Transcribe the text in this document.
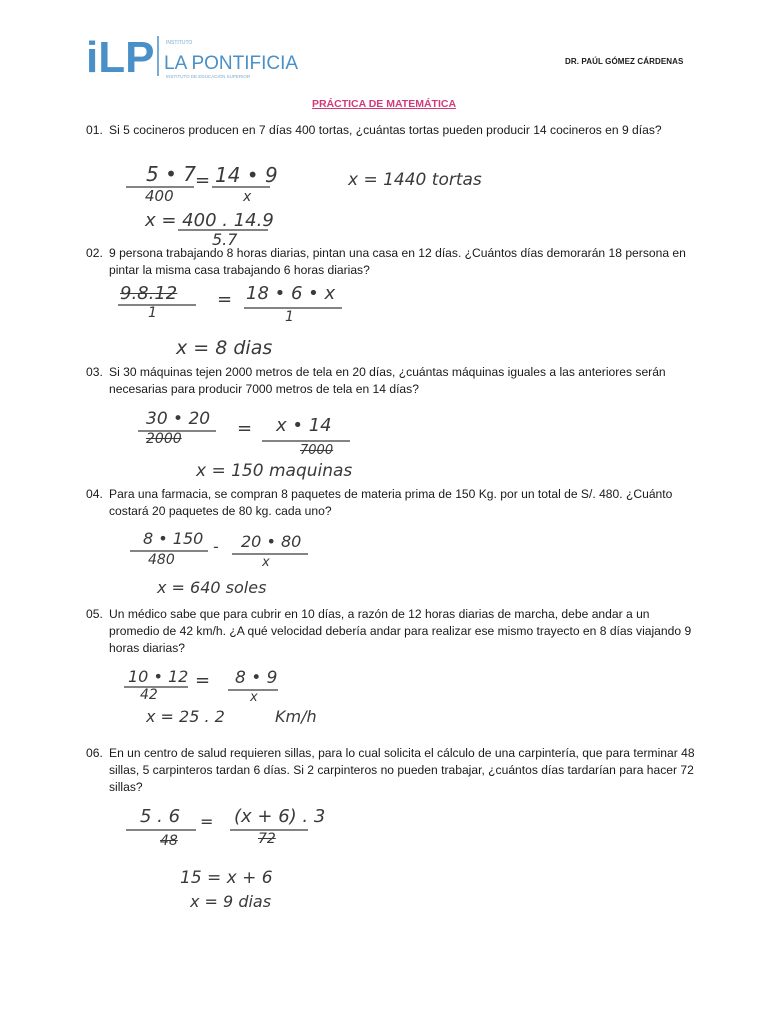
iLP INSTITUTO
LA PONTIFICIA
INSTITUTO DE EDUCACIÓN SUPERIOR
DR. PAÚL GÓMEZ CÁRDENAS
PRÁCTICA DE MATEMÁTICA
01. Si 5 cocineros producen en 7 días 400 tortas, ¿cuántas tortas pueden producir 14 cocineros en 9 días?
5 • 7
400
= 14 • 9
x
x = 1440 tortas
x = 400 . 14.9
5.7
02. 9 persona trabajando 8 horas diarias, pintan una casa en 12 días. ¿Cuántos días demorarán 18 persona en pintar la misma casa trabajando 6 horas diarias?
9.8.12
1
= 18 • 6 • x
1
x = 8 dias
03. Si 30 máquinas tejen 2000 metros de tela en 20 días, ¿cuántas máquinas iguales a las anteriores serán necesarias para producir 7000 metros de tela en 14 días?
30 • 20
2000	= x • 14
7000
x = 150 maquinas
04. Para una farmacia, se compran 8 paquetes de materia prima de 150 Kg. por un total de S/. 480. ¿Cuánto costará 20 paquetes de 80 kg. cada uno?
8 • 150
480
- 20 • 80
x
x = 640 soles
05. Un médico sabe que para cubrir en 10 días, a razón de 12 horas diarias de marcha, debe andar a un promedio de 42 km/h. ¿A qué velocidad debería andar para realizar ese mismo trayecto en 8 días viajando 9 horas diarias?
10 • 12
42
= 8 • 9
x
x = 25 . 2	Km/h
06. En un centro de salud requieren sillas, para lo cual solicita el cálculo de una carpintería, que para terminar 48 sillas, 5 carpinteros tardan 6 días. Si 2 carpinteros no pueden trabajar, ¿cuántos días tardarían para hacer 72 sillas?
5 . 6
48
= (x + 6) . 3
72
15 = x + 6
x = 9 dias
